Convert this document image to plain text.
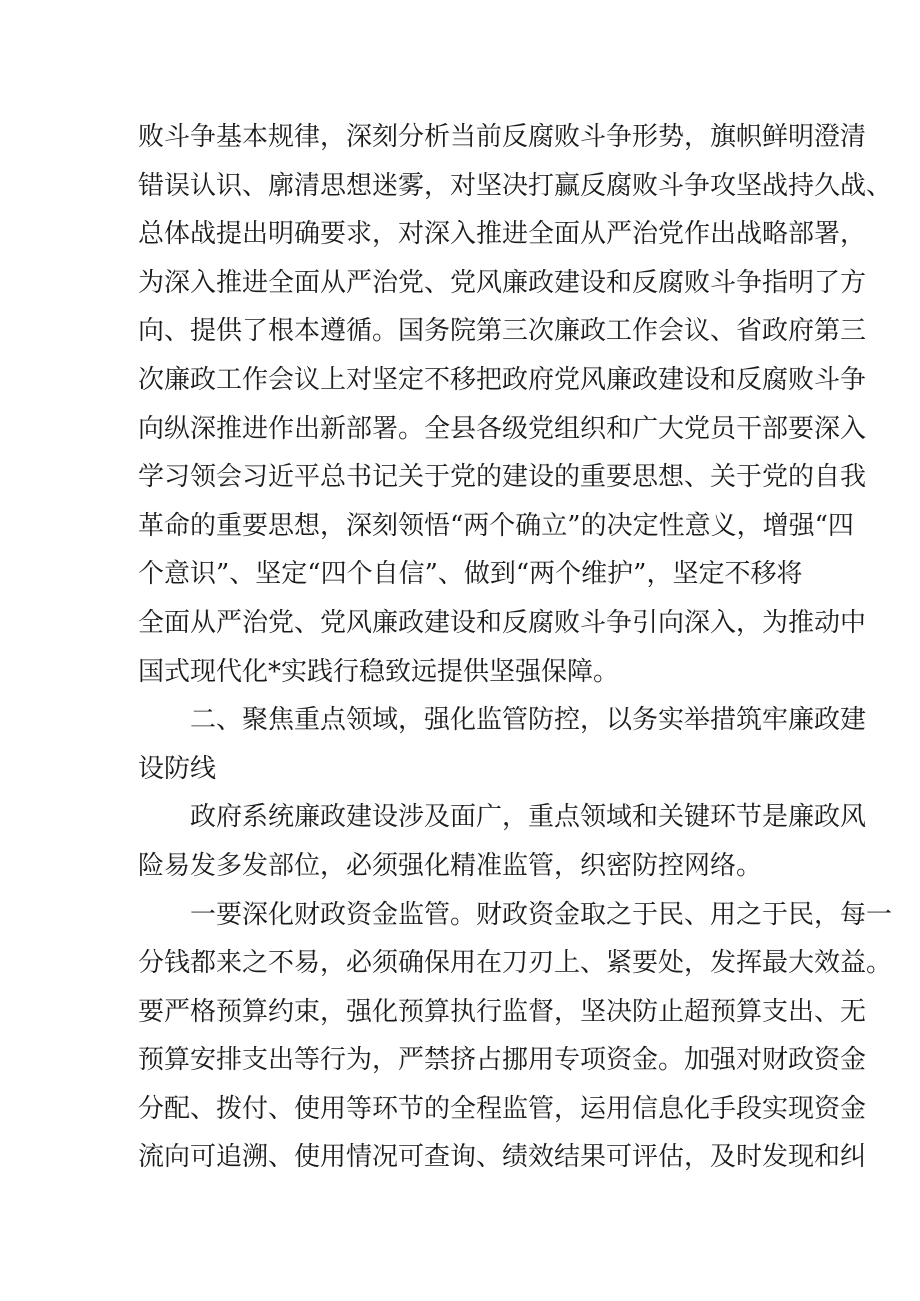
败斗争基本规律，深刻分析当前反腐败斗争形势，旗帜鲜明澄清
错误认识、廓清思想迷雾，对坚决打赢反腐败斗争攻坚战持久战、
总体战提出明确要求，对深入推进全面从严治党作出战略部署，
为深入推进全面从严治党、党风廉政建设和反腐败斗争指明了方
向、提供了根本遵循。国务院第三次廉政工作会议、省政府第三
次廉政工作会议上对坚定不移把政府党风廉政建设和反腐败斗争
向纵深推进作出新部署。全县各级党组织和广大党员干部要深入
学习领会习近平总书记关于党的建设的重要思想、关于党的自我
革命的重要思想，深刻领悟“两个确立”的决定性意义，增强“四
个意识”、坚定“四个自信”、做到“两个维护”，坚定不移将
全面从严治党、党风廉政建设和反腐败斗争引向深入，为推动中
国式现代化*实践行稳致远提供坚强保障。
二、聚焦重点领域，强化监管防控，以务实举措筑牢廉政建
设防线
政府系统廉政建设涉及面广，重点领域和关键环节是廉政风
险易发多发部位，必须强化精准监管，织密防控网络。
一要深化财政资金监管。财政资金取之于民、用之于民，每一
分钱都来之不易，必须确保用在刀刃上、紧要处，发挥最大效益。
要严格预算约束，强化预算执行监督，坚决防止超预算支出、无
预算安排支出等行为，严禁挤占挪用专项资金。加强对财政资金
分配、拨付、使用等环节的全程监管，运用信息化手段实现资金
流向可追溯、使用情况可查询、绩效结果可评估，及时发现和纠
